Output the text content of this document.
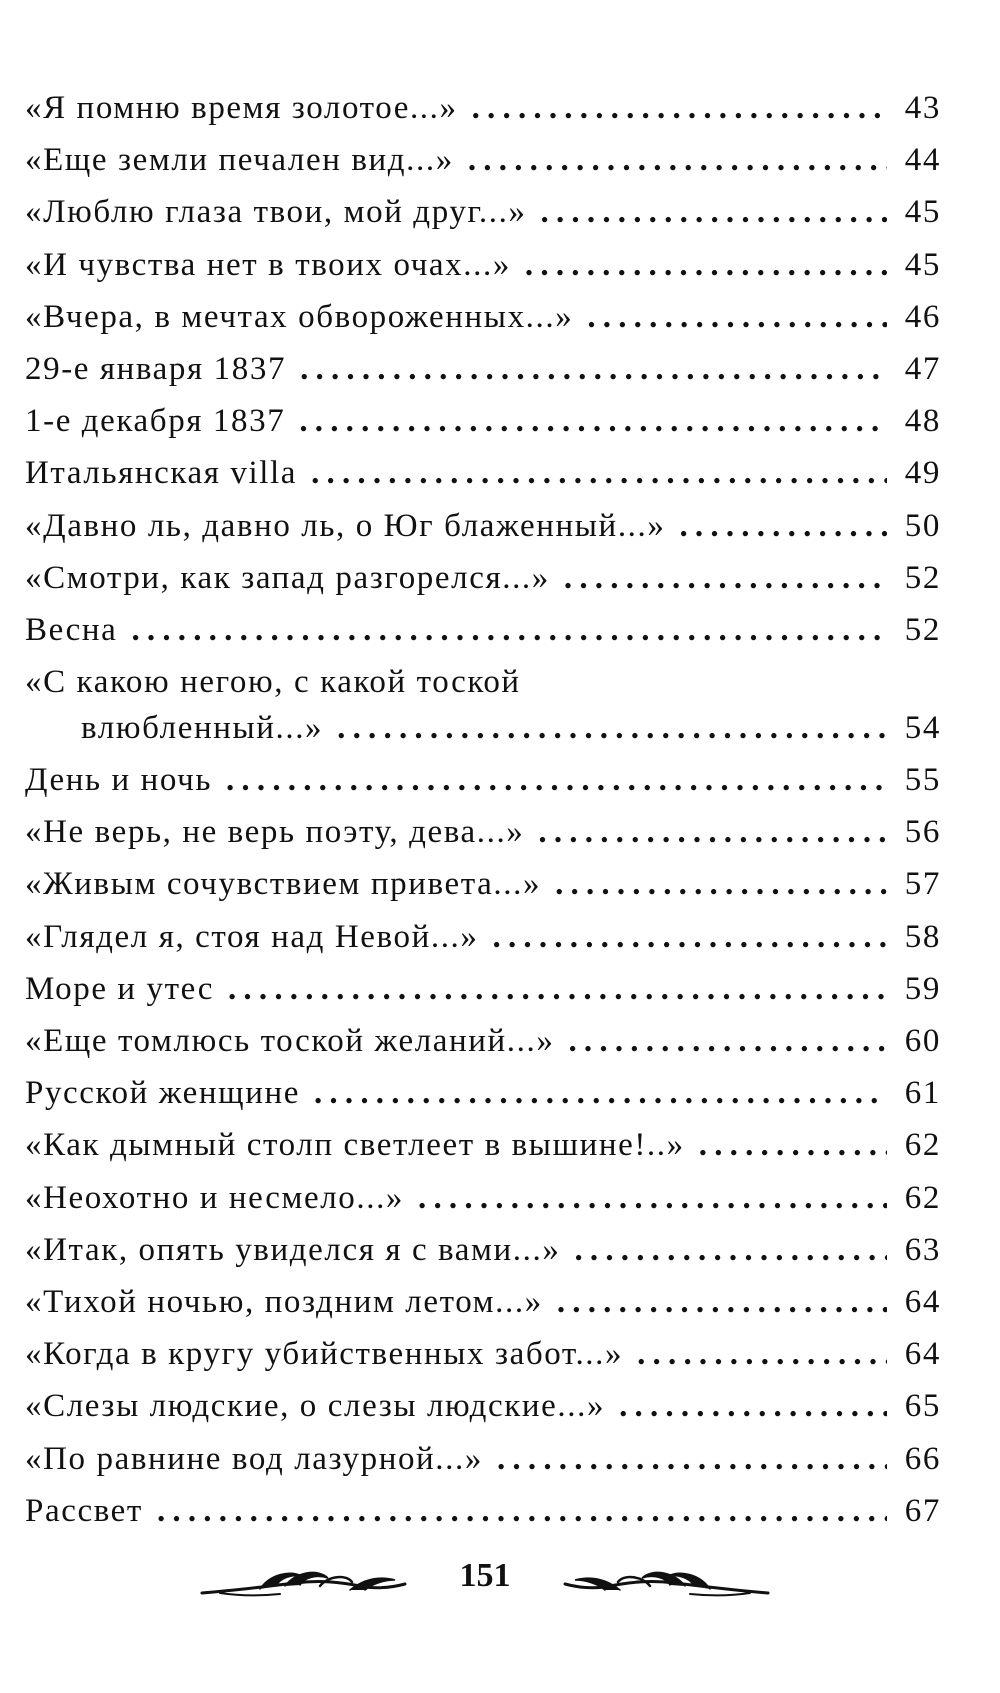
«Я помню время золотое...» .....	43
«Еще земли печален вид...» .....	44
«Люблю глаза твои, мой друг...» .....	45
«И чувства нет в твоих очах...» .....	45
«Вчера, в мечтах обвороженных...» .....	46
29-е января 1837 .....	47
1-е декабря 1837 .....	48
Итальянская villa .....	49
«Давно ль, давно ль, о Юг блаженный...» .....	50
«Смотри, как запад разгорелся...» .....	52
Весна .....	52
«С какою негою, с какой тоской
влюбленный...» .....	54
День и ночь .....	55
«Не верь, не верь поэту, дева...» .....	56
«Живым сочувствием привета...» .....	57
«Глядел я, стоя над Невой...» .....	58
Море и утес .....	59
«Еще томлюсь тоской желаний...» .....	60
Русской женщине .....	61
«Как дымный столп светлеет в вышине!..» .....	62
«Неохотно и несмело...» .....	62
«Итак, опять увиделся я с вами...» .....	63
«Тихой ночью, поздним летом...» .....	64
«Когда в кругу убийственных забот...» .....	64
«Слезы людские, о слезы людские...» .....	65
«По равнине вод лазурной...» .....	66
Рассвет .....	67
151
